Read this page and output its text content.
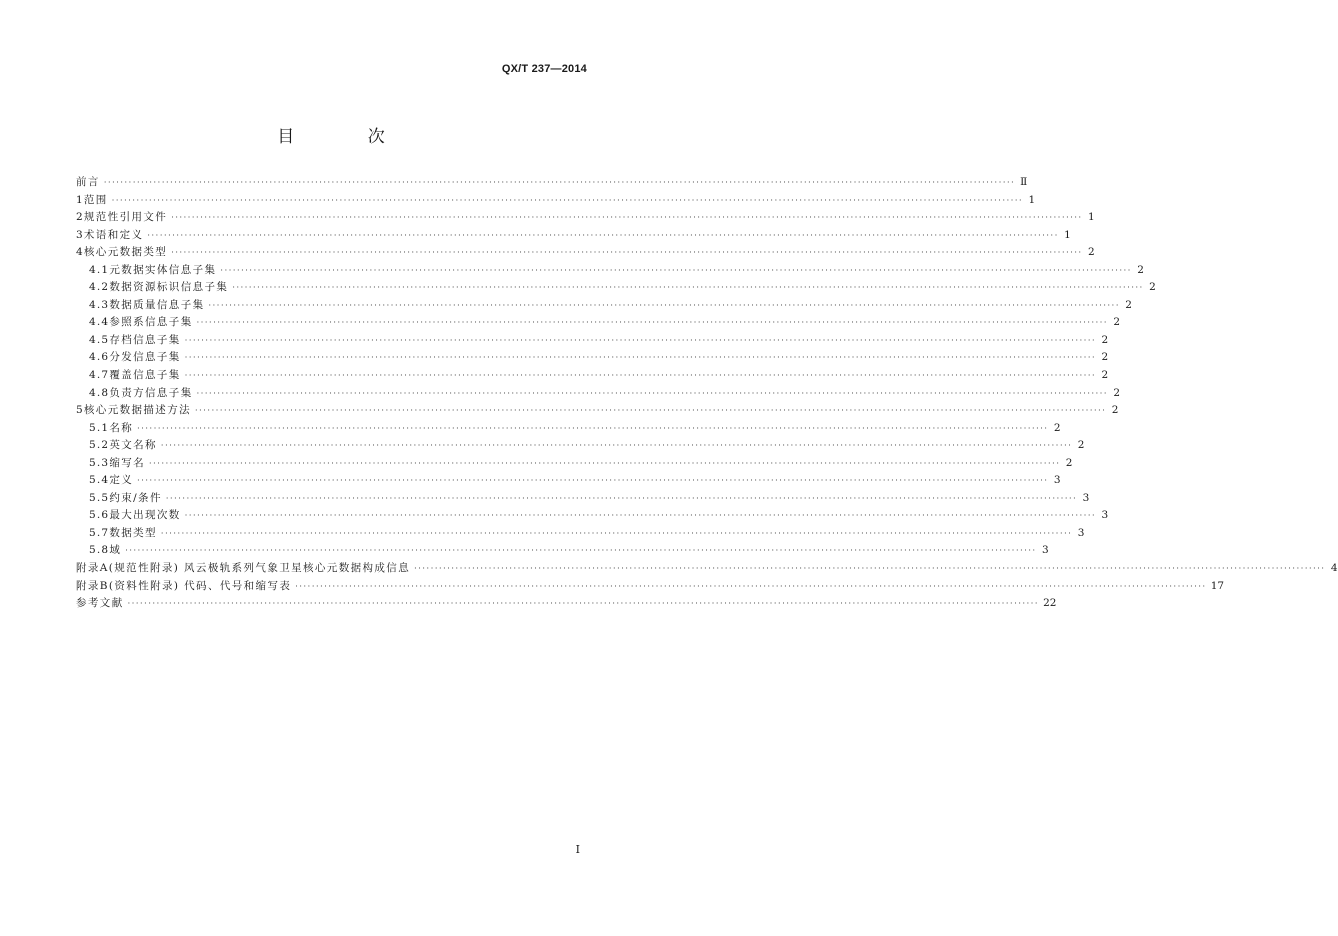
QX/T 237—2014
目 次
前言 ···························································································································································································································· Ⅱ
1 范围 ···························································································································································································································· 1
2 规范性引用文件 ···························································································································································································································· 1
3 术语和定义 ···························································································································································································································· 1
4 核心元数据类型 ···························································································································································································································· 2
4.1 元数据实体信息子集 ···························································································································································································································· 2
4.2 数据资源标识信息子集 ···························································································································································································································· 2
4.3 数据质量信息子集 ···························································································································································································································· 2
4.4 参照系信息子集 ···························································································································································································································· 2
4.5 存档信息子集 ···························································································································································································································· 2
4.6 分发信息子集 ···························································································································································································································· 2
4.7 覆盖信息子集 ···························································································································································································································· 2
4.8 负责方信息子集 ···························································································································································································································· 2
5 核心元数据描述方法 ···························································································································································································································· 2
5.1 名称 ···························································································································································································································· 2
5.2 英文名称 ···························································································································································································································· 2
5.3 缩写名 ···························································································································································································································· 2
5.4 定义 ···························································································································································································································· 3
5.5 约束/条件 ···························································································································································································································· 3
5.6 最大出现次数 ···························································································································································································································· 3
5.7 数据类型 ···························································································································································································································· 3
5.8 域 ···························································································································································································································· 3
附录A(规范性附录) 风云极轨系列气象卫星核心元数据构成信息 ···························································································································································································································· 4
附录B(资料性附录) 代码、代号和缩写表 ···························································································································································································································· 17
参考文献 ···························································································································································································································· 22
I
